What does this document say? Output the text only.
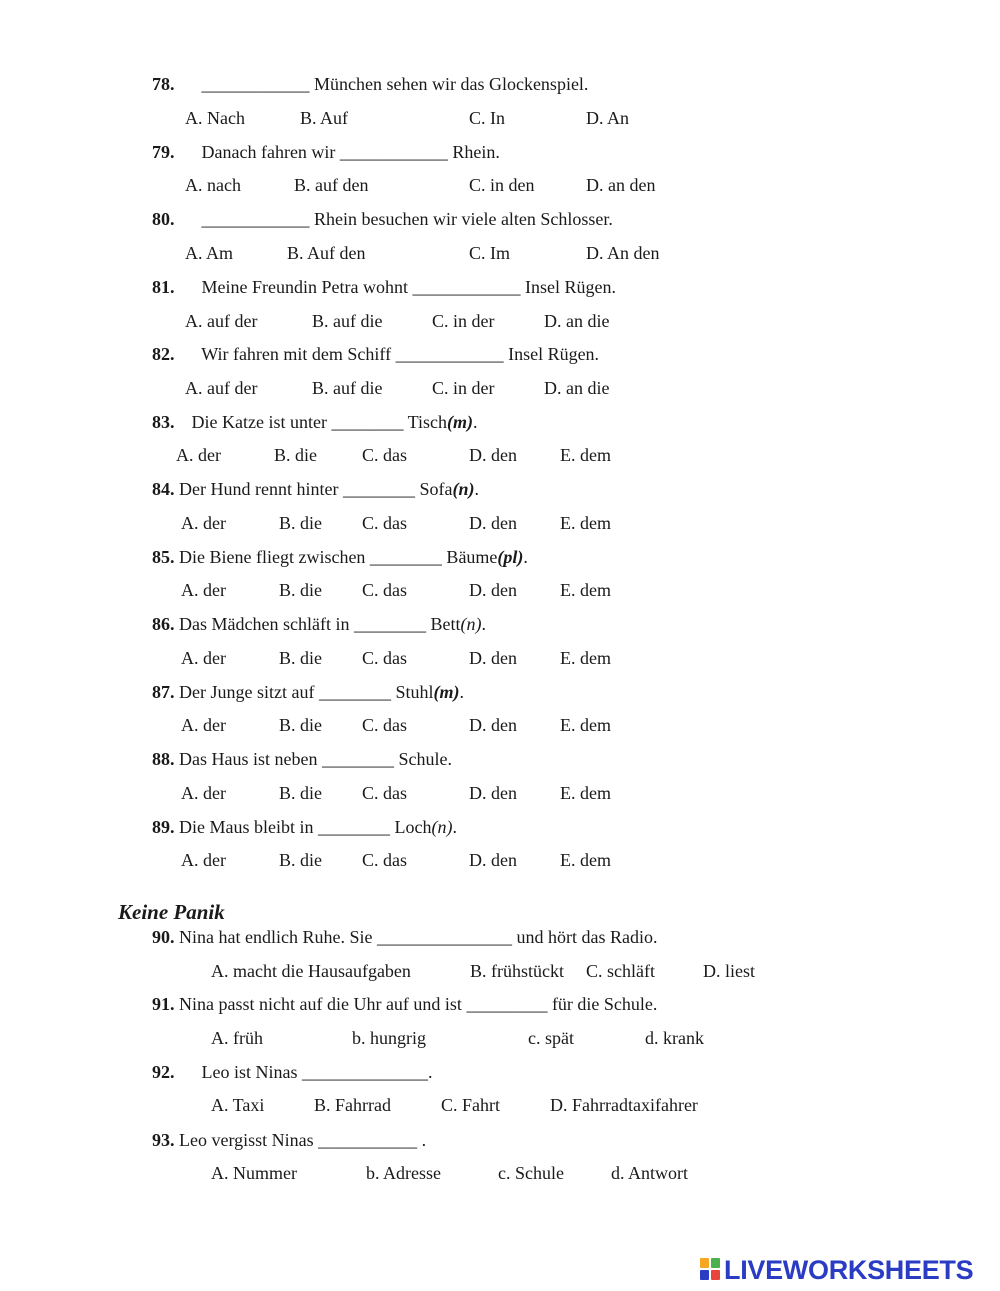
78. ____________ München sehen wir das Glockenspiel.
A. Nach	B. Auf	C. In	D. An
79. Danach fahren wir ____________ Rhein.
A. nach	B. auf den	C. in den	D. an den
80. ____________ Rhein besuchen wir viele alten Schlosser.
A. Am	B. Auf den	C. Im	D. An den
81. Meine Freundin Petra wohnt ____________ Insel Rügen.
A. auf der	B. auf die	C. in der	D. an die
82. Wir fahren mit dem Schiff ____________ Insel Rügen.
A. auf der	B. auf die	C. in der	D. an die
83. Die Katze ist unter ________ Tisch(m).
A. der	B. die	C. das	D. den E. dem
84. Der Hund rennt hinter ________ Sofa(n).
A. der	B. die C. das	D. den E. dem
85. Die Biene fliegt zwischen ________ Bäume(pl).
A. der	B. die C. das	D. den E. dem
86. Das Mädchen schläft in ________ Bett(n).
A. der	B. die C. das	D. den E. dem
87. Der Junge sitzt auf ________ Stuhl(m).
A. der	B. die C. das	D. den E. dem
88. Das Haus ist neben ________ Schule.
A. der	B. die C. das	D. den E. dem
89. Die Maus bleibt in ________ Loch(n).
A. der	B. die C. das	D. den E. dem
Keine Panik
90. Nina hat endlich Ruhe. Sie _______________ und hört das Radio.
A. macht die Hausaufgaben	B. frühstückt C. schläft	D. liest
91. Nina passt nicht auf die Uhr auf und ist _________ für die Schule.
A. früh	b. hungrig	c. spät	d. krank
92. Leo ist Ninas ______________.
A. Taxi	B. Fahrrad	C. Fahrt	D. Fahrradtaxifahrer
93. Leo vergisst Ninas ___________ .
A. Nummer	b. Adresse	c. Schule	d. Antwort
LIVEWORKSHEETS
